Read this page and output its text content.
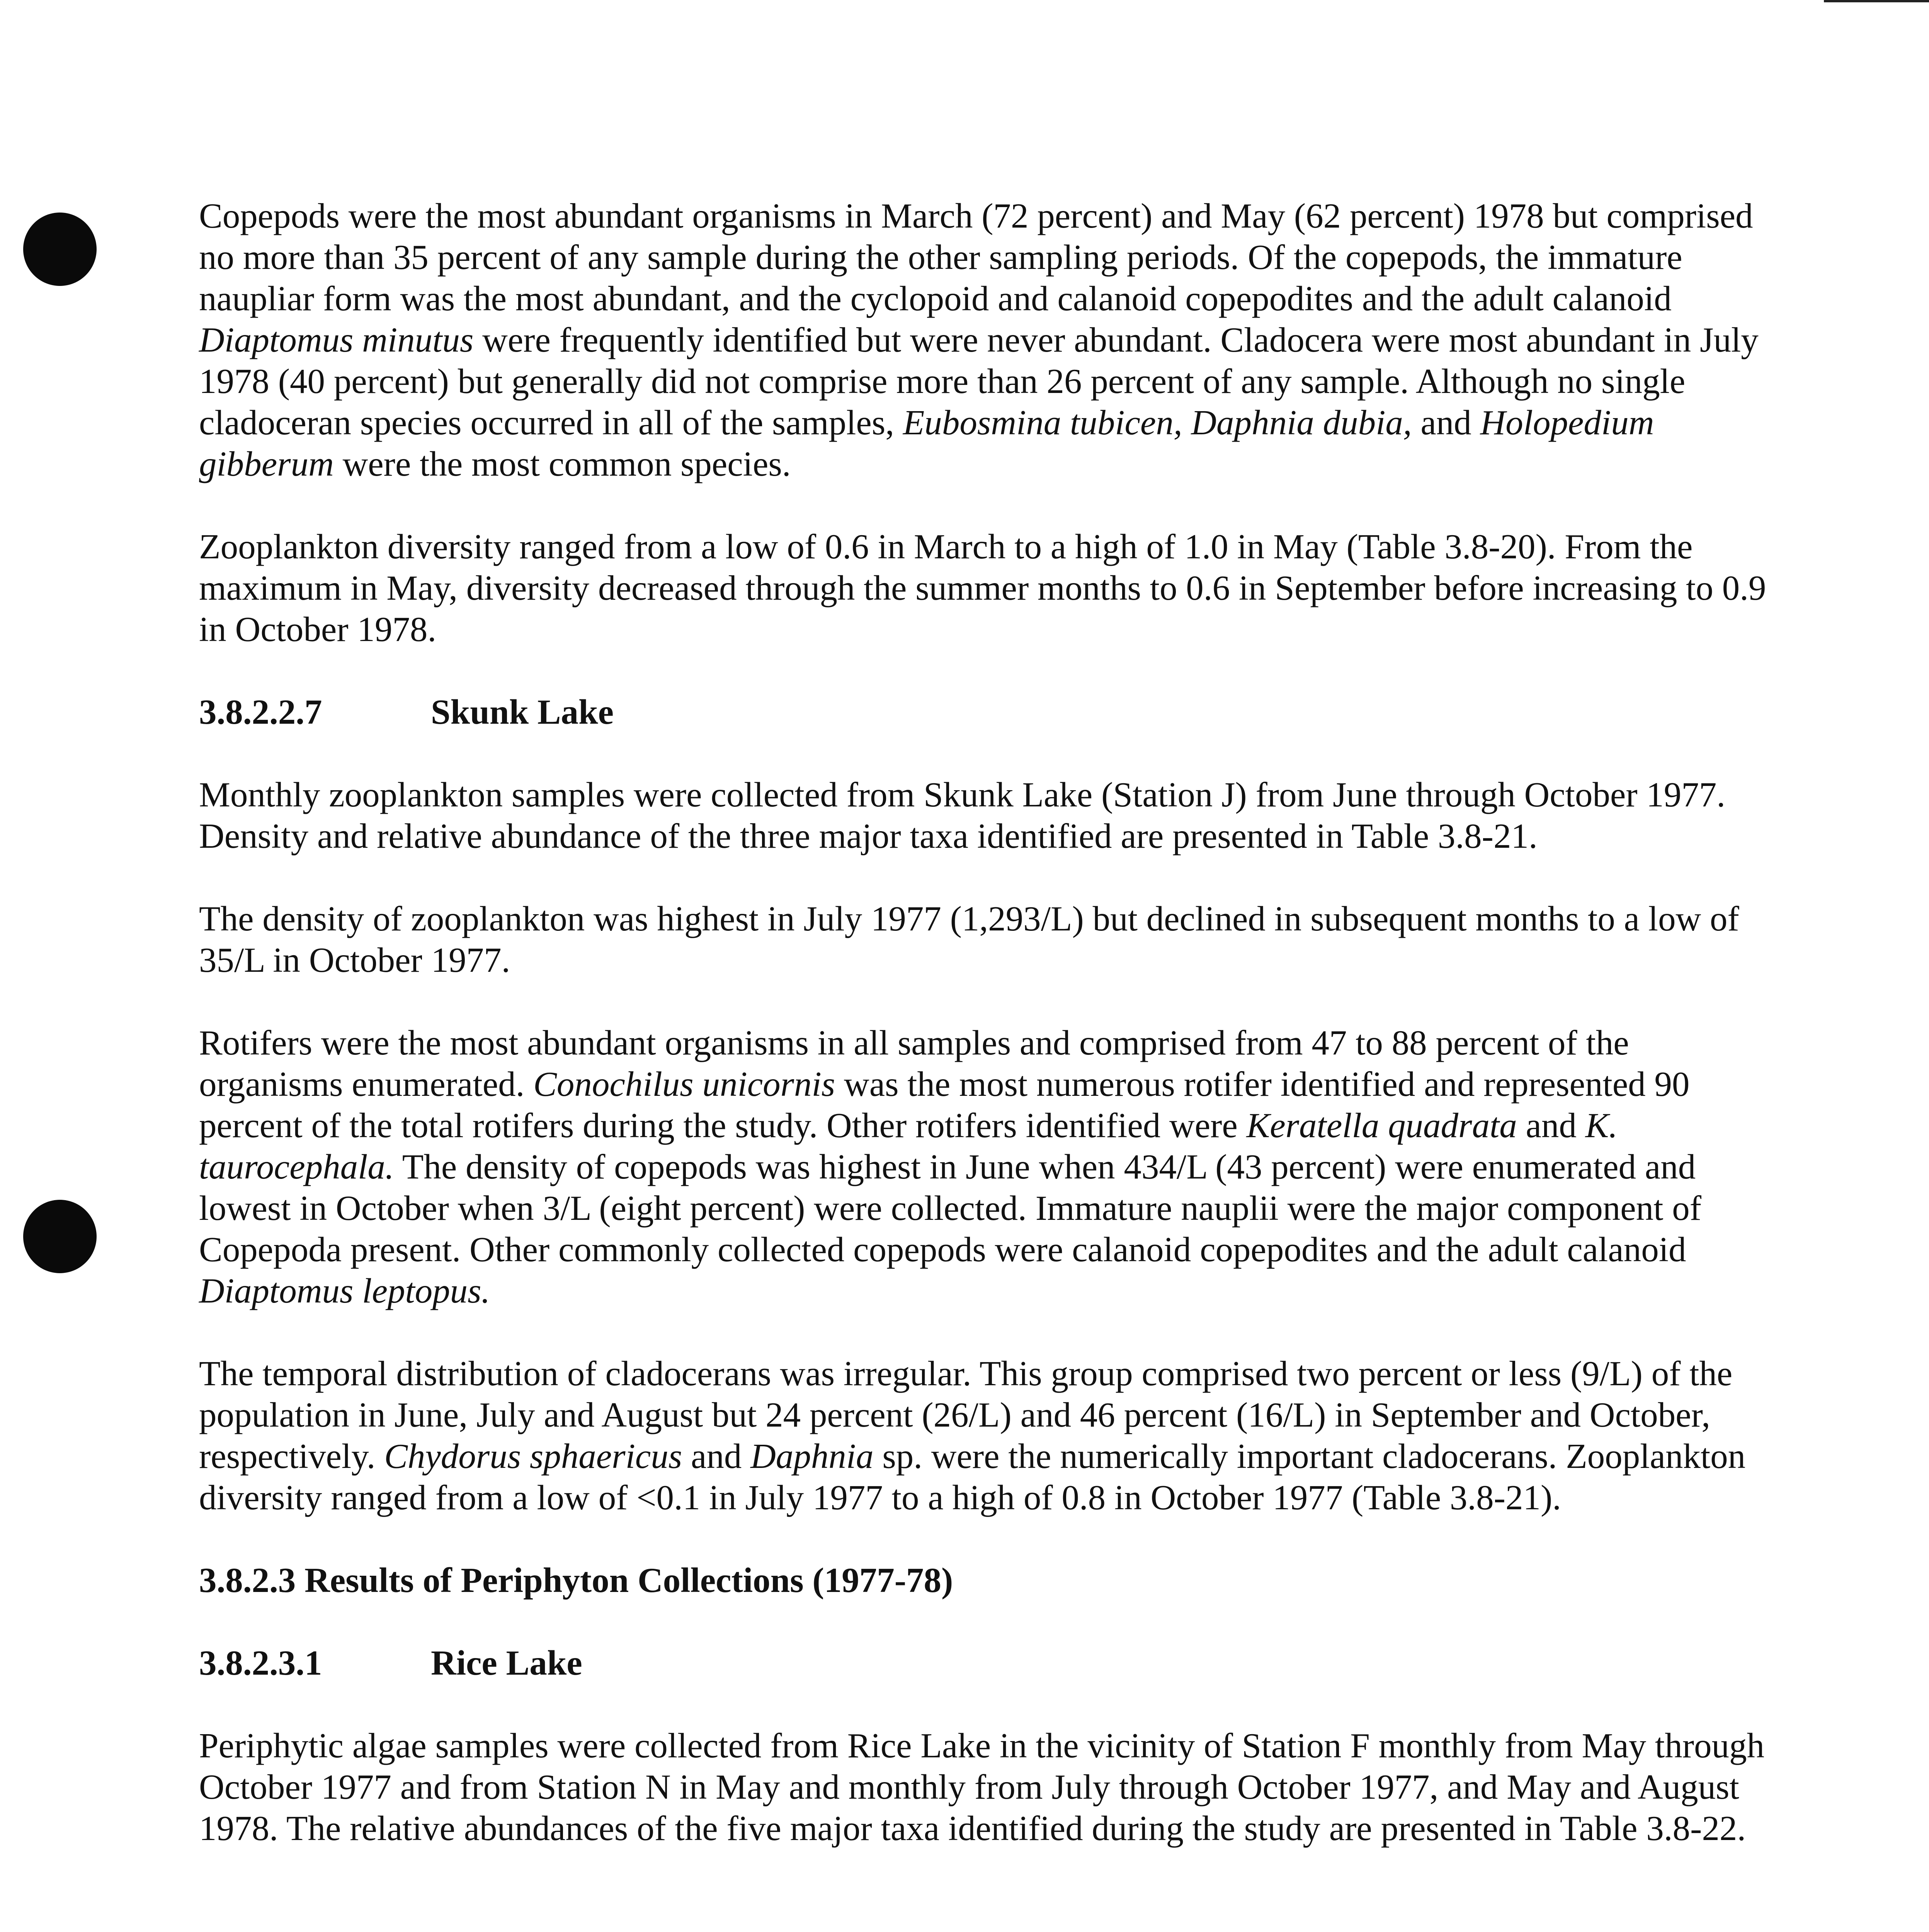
Copepods were the most abundant organisms in March (72 percent) and May (62 percent) 1978 but comprised no more than 35 percent of any sample during the other sampling periods. Of the copepods, the immature naupliar form was the most abundant, and the cyclopoid and calanoid copepodites and the adult calanoid Diaptomus minutus were frequently identified but were never abundant. Cladocera were most abundant in July 1978 (40 percent) but generally did not comprise more than 26 percent of any sample. Although no single cladoceran species occurred in all of the samples, Eubosmina tubicen, Daphnia dubia, and Holopedium gibberum were the most common species.

Zooplankton diversity ranged from a low of 0.6 in March to a high of 1.0 in May (Table 3.8-20). From the maximum in May, diversity decreased through the summer months to 0.6 in September before increasing to 0.9 in October 1978.

3.8.2.2.7	Skunk Lake

Monthly zooplankton samples were collected from Skunk Lake (Station J) from June through October 1977. Density and relative abundance of the three major taxa identified are presented in Table 3.8-21.

The density of zooplankton was highest in July 1977 (1,293/L) but declined in subsequent months to a low of 35/L in October 1977.

Rotifers were the most abundant organisms in all samples and comprised from 47 to 88 percent of the organisms enumerated. Conochilus unicornis was the most numerous rotifer identified and represented 90 percent of the total rotifers during the study. Other rotifers identified were Keratella quadrata and K. taurocephala. The density of copepods was highest in June when 434/L (43 percent) were enumerated and lowest in October when 3/L (eight percent) were collected. Immature nauplii were the major component of Copepoda present. Other commonly collected copepods were calanoid copepodites and the adult calanoid Diaptomus leptopus.

The temporal distribution of cladocerans was irregular. This group comprised two percent or less (9/L) of the population in June, July and August but 24 percent (26/L) and 46 percent (16/L) in September and October, respectively. Chydorus sphaericus and Daphnia sp. were the numerically important cladocerans. Zooplankton diversity ranged from a low of <0.1 in July 1977 to a high of 0.8 in October 1977 (Table 3.8-21).

3.8.2.3 Results of Periphyton Collections (1977-78)

3.8.2.3.1	Rice Lake

Periphytic algae samples were collected from Rice Lake in the vicinity of Station F monthly from May through October 1977 and from Station N in May and monthly from July through October 1977, and May and August 1978. The relative abundances of the five major taxa identified during the study are presented in Table 3.8-22.
